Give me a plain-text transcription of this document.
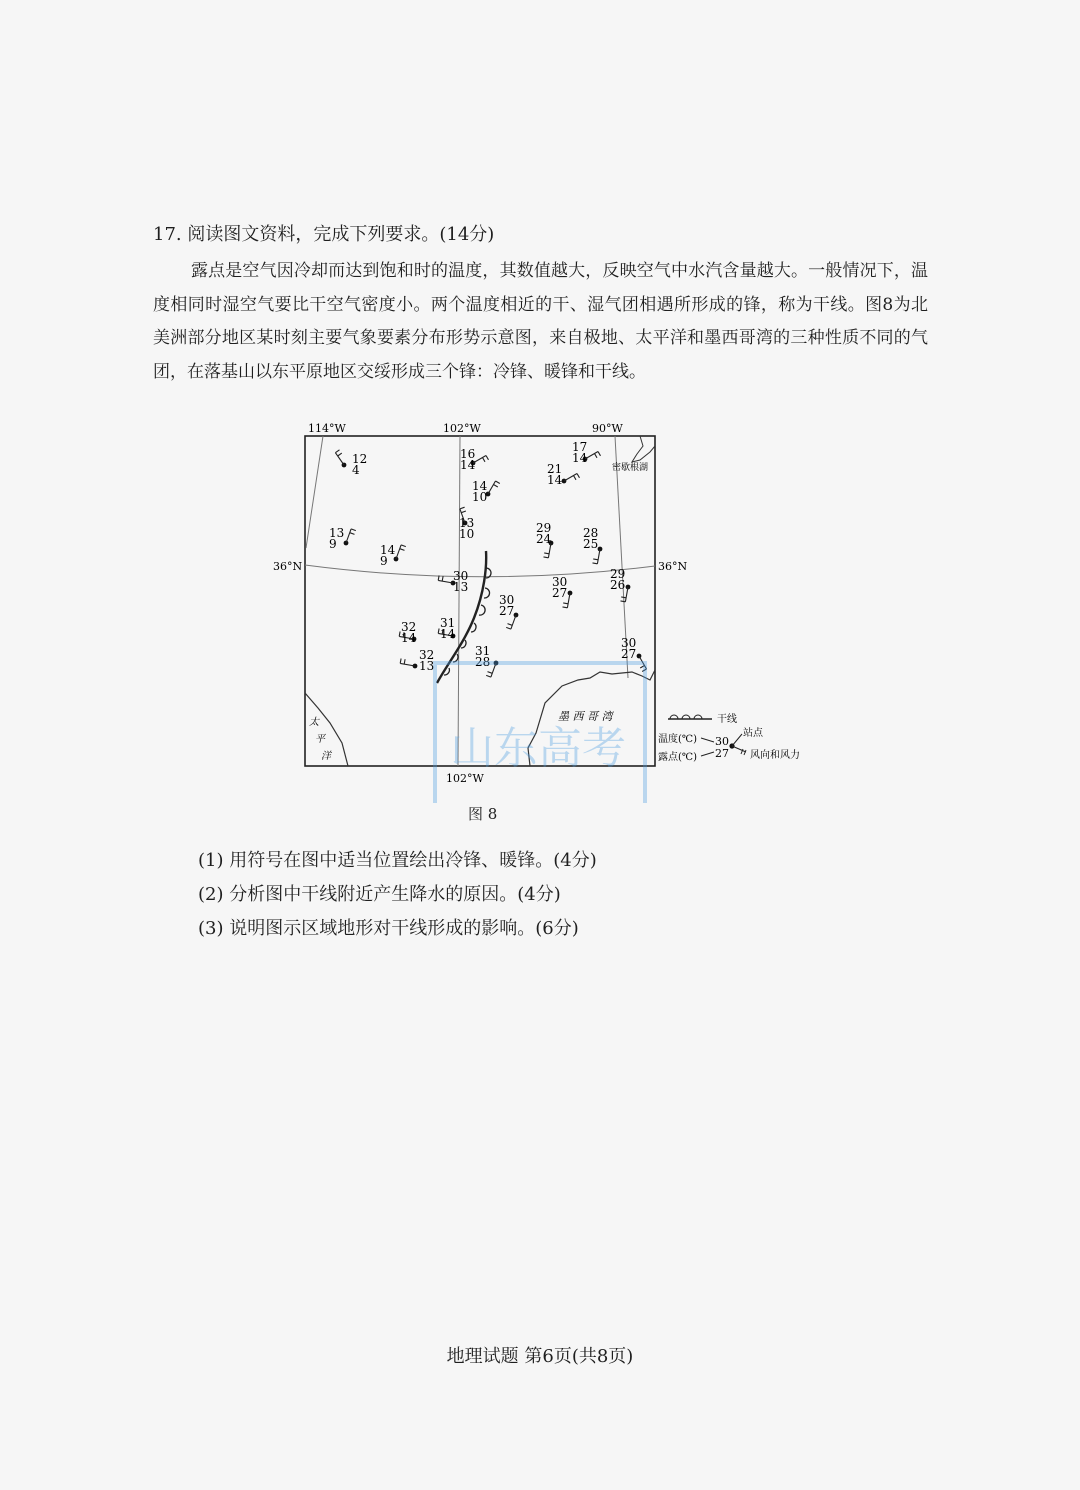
17. 阅读图文资料，完成下列要求。(14分)

露点是空气因冷却而达到饱和时的温度，其数值越大，反映空气中水汽含量越大。一般情况下，温度相同时湿空气要比干空气密度小。两个温度相近的干、湿气团相遇所形成的锋，称为干线。图8为北美洲部分地区某时刻主要气象要素分布形势示意图，来自极地、太平洋和墨西哥湾的三种性质不同的气团，在落基山以东平原地区交绥形成三个锋：冷锋、暖锋和干线。

114°W	102°W	90°W
102°W
36°N	36°N
密歇根湖
墨 西 哥 湾
太
平
洋
12
4
16
14
17
14
21
14
14
10
13
9	14
9
13
10	29
24	28
25
30
13	30
27
29
26
30
27
32
14
31
14
31
28
32
13
30
27
干线
温度(℃)
露点(℃)
30
27
站点
风向和风力
山东高考
图 8
(1) 用符号在图中适当位置绘出冷锋、暖锋。(4分)
(2) 分析图中干线附近产生降水的原因。(4分)
(3) 说明图示区域地形对干线形成的影响。(6分)
地理试题 第6页(共8页)
